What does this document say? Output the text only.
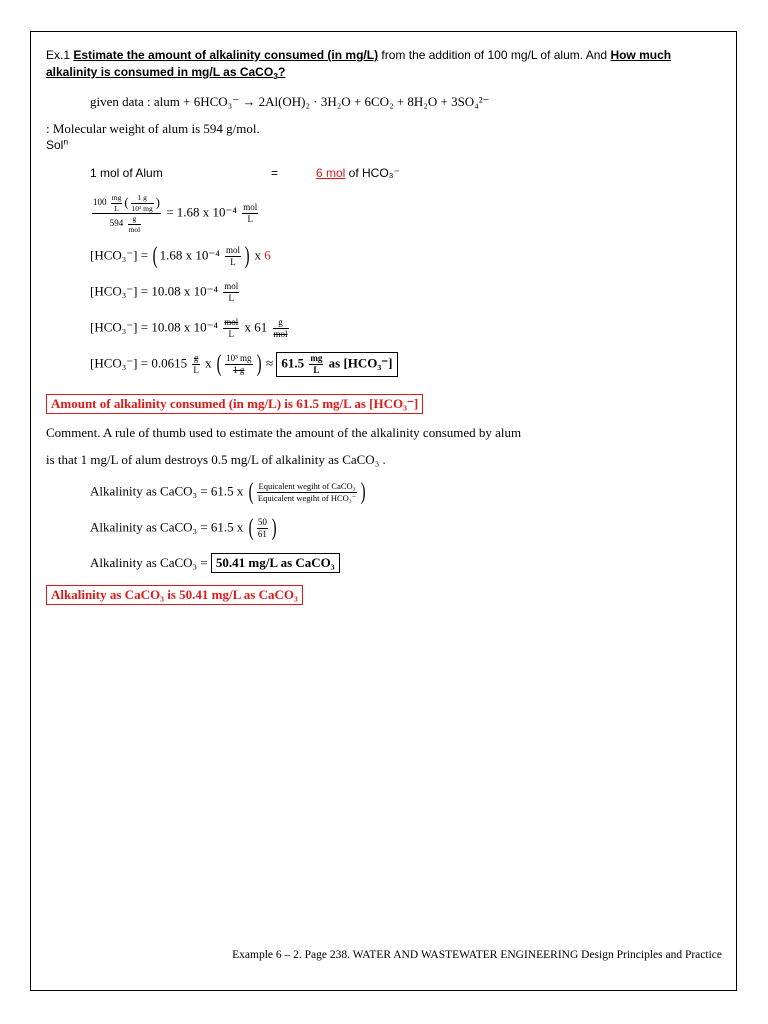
Ex.1 Estimate the amount of alkalinity consumed (in mg/L) from the addition of 100 mg/L of alum. And How much
alkalinity is consumed in mg/L as CaCO$_3$?
given data : alum + 6HCO₃⁻ → 2Al(OH)₂ · 3H₂O + 6CO₂ + 8H₂O + 3SO₄²⁻
: Molecular weight of alum is 594 g/mol.
Sol$^n$
1 mol of Alum	=	6 mol of HCO₃⁻
$\frac{100 \frac{mg}{L} ( \frac{1 g}{\text{10³ mg}} )}{594 \frac{g}{\text{mol}}} = 1.68$ x $10^{-4} \frac{\text{mol}}{L}$
[HCO₃⁻] = ( 1.68 x $10^{-4} \frac{\text{mol}}{L}$ ) x 6
[HCO₃⁻] = 10.08 x $10^{-4} \frac{\text{mol}}{L}$
[HCO₃⁻] = 10.08 x $10^{-4} \frac{\text{mol}}{L}$ x $61 \frac{g}{\text{mol}}$
$[HCO_3^-] = 0.0615 \frac{g}{L}$ x ( $\frac{\text{10³ mg}}{1 g}$ ) ≈ $61.5 \frac{mg}{L}$ as [HCO₃⁻]
Amount of alkalinity consumed (in mg/L) is 61.5 mg/L as [HCO₃⁻]
Comment. A rule of thumb used to estimate the amount of the alkalinity consumed by alum
is that 1 mg/L of alum destroys 0.5 mg/L of alkalinity as CaCO₃ .
Alkalinity as CaCO₃ = 61.5 x ( $\frac{\text{Equicalent wegiht of CaCO₃}}{\text{Equicalent wegiht of HCO₃⁻}}$ )
Alkalinity as CaCO₃ = 61.5 x ( $\frac{50}{61}$ )
Alkalinity as CaCO₃ = 50.41 mg/L as CaCO₃
Alkalinity as CaCO₃ is 50.41 mg/L as CaCO₃
Example 6 – 2. Page 238. WATER AND WASTEWATER ENGINEERING Design Principles and Practice
